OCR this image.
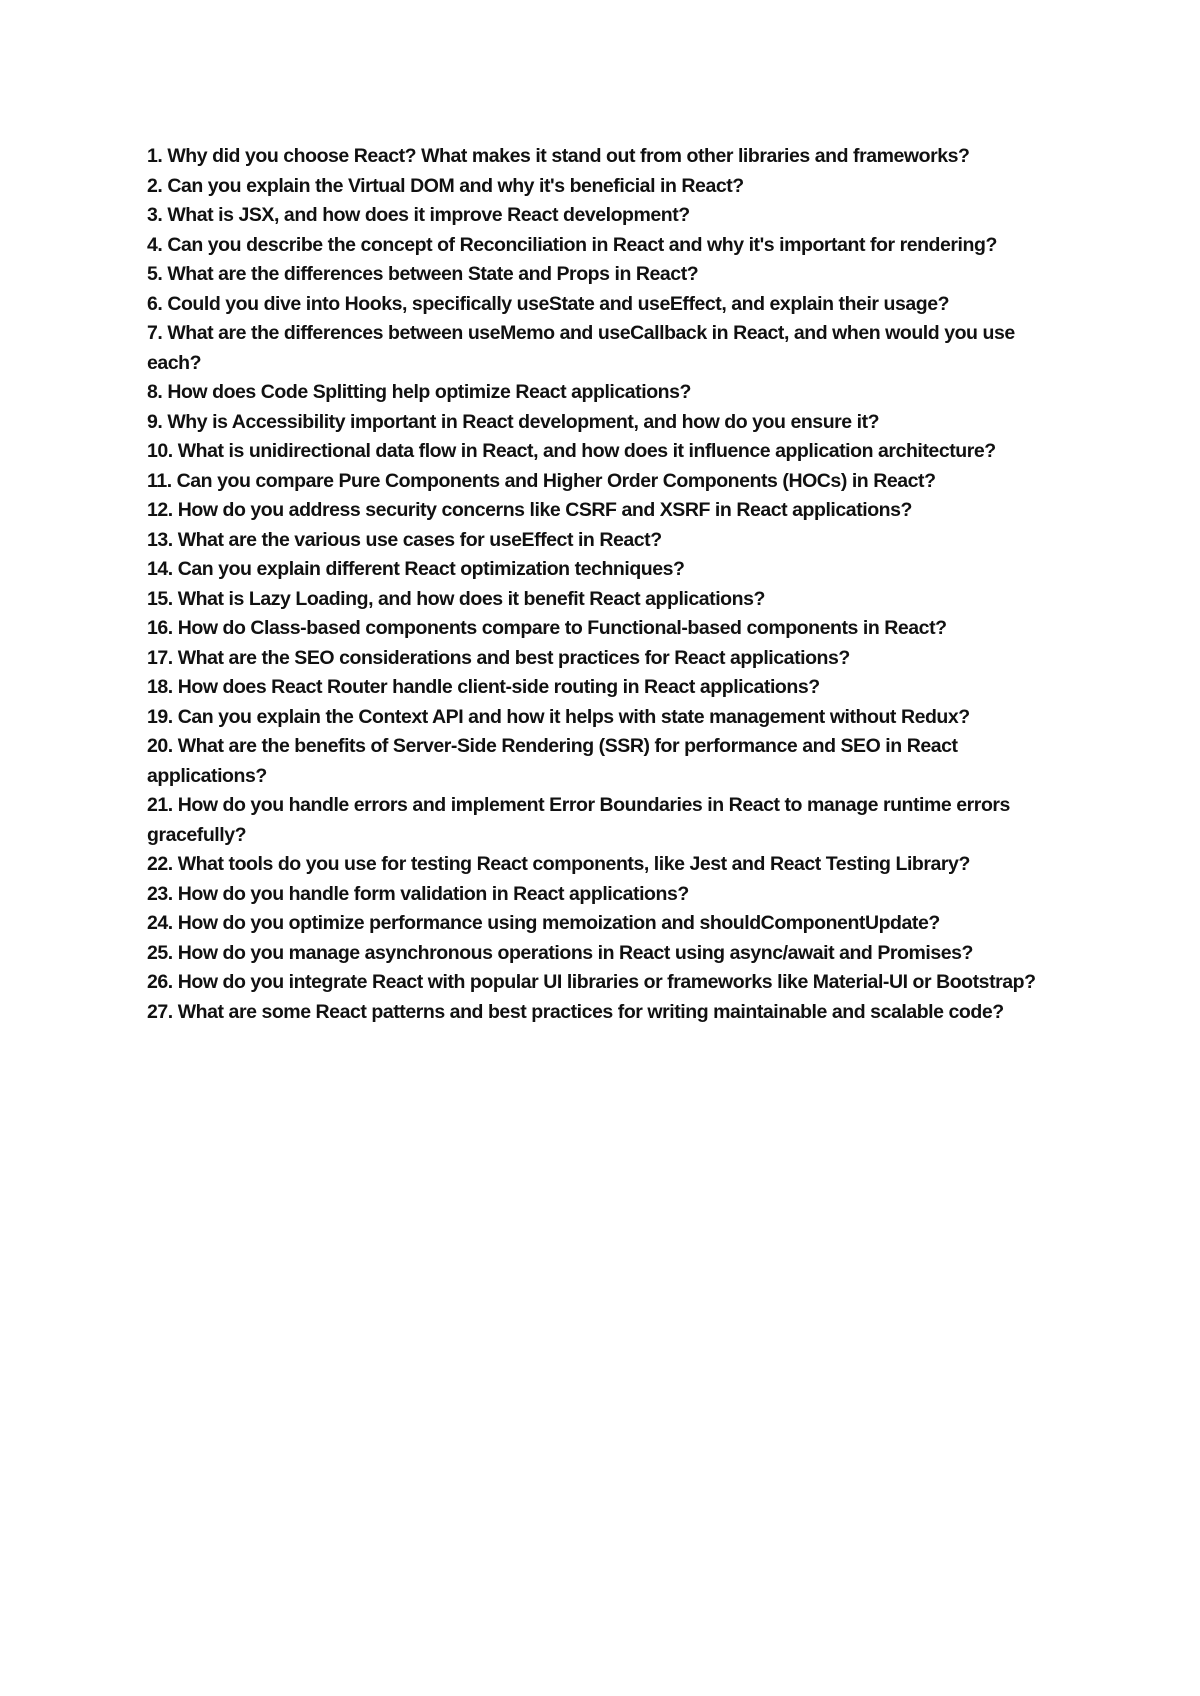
1. Why did you choose React? What makes it stand out from other libraries and frameworks?
2. Can you explain the Virtual DOM and why it's beneficial in React?
3. What is JSX, and how does it improve React development?
4. Can you describe the concept of Reconciliation in React and why it's important for rendering?
5. What are the differences between State and Props in React?
6. Could you dive into Hooks, specifically useState and useEffect, and explain their usage?
7. What are the differences between useMemo and useCallback in React, and when would you use each?
8. How does Code Splitting help optimize React applications?
9. Why is Accessibility important in React development, and how do you ensure it?
10. What is unidirectional data flow in React, and how does it influence application architecture?
11. Can you compare Pure Components and Higher Order Components (HOCs) in React?
12. How do you address security concerns like CSRF and XSRF in React applications?
13. What are the various use cases for useEffect in React?
14. Can you explain different React optimization techniques?
15. What is Lazy Loading, and how does it benefit React applications?
16. How do Class-based components compare to Functional-based components in React?
17. What are the SEO considerations and best practices for React applications?
18. How does React Router handle client-side routing in React applications?
19. Can you explain the Context API and how it helps with state management without Redux?
20. What are the benefits of Server-Side Rendering (SSR) for performance and SEO in React applications?
21. How do you handle errors and implement Error Boundaries in React to manage runtime errors gracefully?
22. What tools do you use for testing React components, like Jest and React Testing Library?
23. How do you handle form validation in React applications?
24. How do you optimize performance using memoization and shouldComponentUpdate?
25. How do you manage asynchronous operations in React using async/await and Promises?
26. How do you integrate React with popular UI libraries or frameworks like Material-UI or Bootstrap?
27. What are some React patterns and best practices for writing maintainable and scalable code?
